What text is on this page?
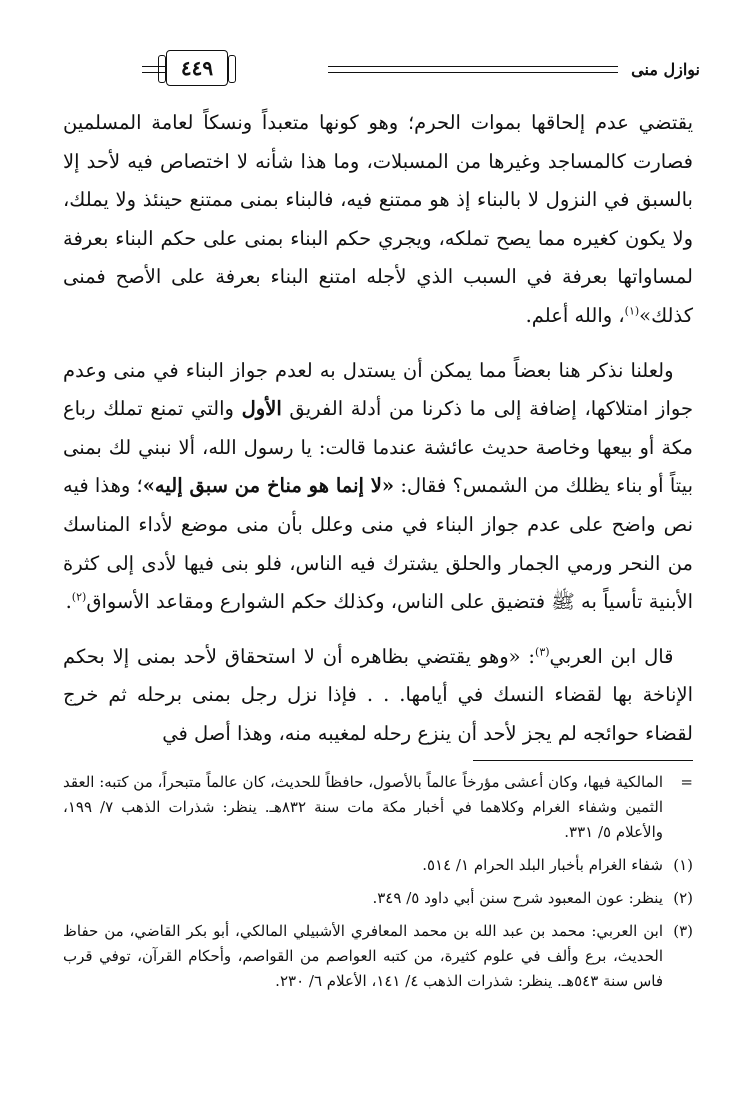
نوازل منى
٤٤٩

يقتضي عدم إلحاقها بموات الحرم؛ وهو كونها متعبداً ونسكاً لعامة المسلمين فصارت كالمساجد وغيرها من المسبلات، وما هذا شأنه لا اختصاص فيه لأحد إلا بالسبق في النزول لا بالبناء إذ هو ممتنع فيه، فالبناء بمنى ممتنع حينئذ ولا يملك، ولا يكون كغيره مما يصح تملكه، ويجري حكم البناء بمنى على حكم البناء بعرفة لمساواتها بعرفة في السبب الذي لأجله امتنع البناء بعرفة على الأصح فمنى كذلك»$^{(١)}$، والله أعلم.

 ولعلنا نذكر هنا بعضاً مما يمكن أن يستدل به لعدم جواز البناء في منى وعدم جواز امتلاكها، إضافة إلى ما ذكرنا من أدلة الفريق الأول والتي تمنع تملك رباع مكة أو بيعها وخاصة حديث عائشة عندما قالت: يا رسول الله، ألا نبني لك بمنى بيتاً أو بناء يظلك من الشمس؟ فقال: «لا إنما هو مناخ من سبق إليه»؛ وهذا فيه نص واضح على عدم جواز البناء في منى وعلل بأن منى موضع لأداء المناسك من النحر ورمي الجمار والحلق يشترك فيه الناس، فلو بنى فيها لأدى إلى كثرة الأبنية تأسياً به ﷺ فتضيق على الناس، وكذلك حكم الشوارع ومقاعد الأسواق$^{(٢)}$.

 قال ابن العربي$^{(٣)}$: «وهو يقتضي بظاهره أن لا استحقاق لأحد بمنى إلا بحكم الإناخة بها لقضاء النسك في أيامها. . . فإذا نزل رجل بمنى برحله ثم خرج لقضاء حوائجه لم يجز لأحد أن ينزع رحله لمغيبه منه، وهذا أصل في

=
المالكية فيها، وكان أعشى مؤرخاً عالماً بالأصول، حافظاً للحديث، كان عالماً متبحراً، من كتبه: العقد الثمين وشفاء الغرام وكلاهما في أخبار مكة مات سنة ٨٣٢هـ. ينظر: شذرات الذهب ٧/ ١٩٩، والأعلام ٥/ ٣٣١.
(١)
شفاء الغرام بأخبار البلد الحرام ١/ ٥١٤.
(٢)
ينظر: عون المعبود شرح سنن أبي داود ٥/ ٣٤٩.
(٣)
ابن العربي: محمد بن عبد الله بن محمد المعافري الأشبيلي المالكي، أبو بكر القاضي، من حفاظ الحديث، برع وألف في علوم كثيرة، من كتبه العواصم من القواصم، وأحكام القرآن، توفي قرب فاس سنة ٥٤٣هـ. ينظر: شذرات الذهب ٤/ ١٤١، الأعلام ٦/ ٢٣٠.
